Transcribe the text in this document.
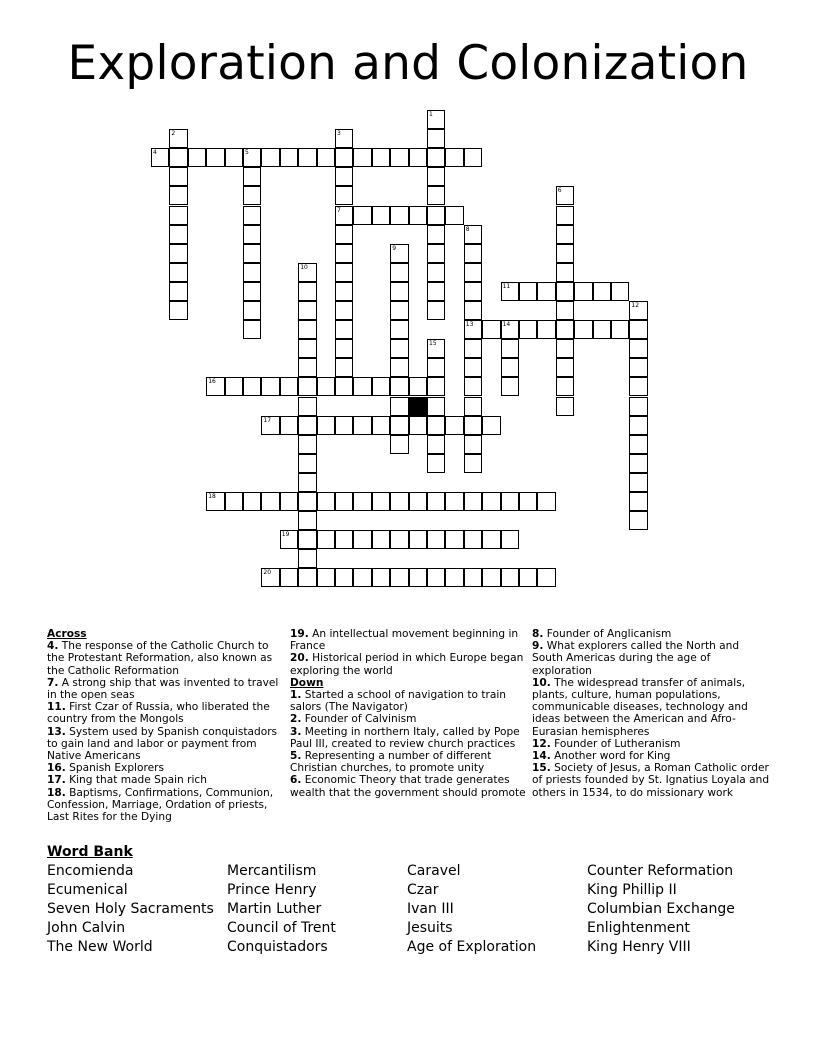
Exploration and Colonization
1
2	3
7
4	5
6
8
13
9
10
11
12
14
15
16
17
18
19
20
Across
4. The response of the Catholic Church to the Protestant Reformation, also known as the Catholic Reformation
7. A strong ship that was invented to travel in the open seas
11. First Czar of Russia, who liberated the country from the Mongols
13. System used by Spanish conquistadors to gain land and labor or payment from Native Americans
16. Spanish Explorers
17. King that made Spain rich
18. Baptisms, Confirmations, Communion, Confession, Marriage, Ordation of priests, Last Rites for the Dying
19. An intellectual movement beginning in France
20. Historical period in which Europe began exploring the world
Down
1. Started a school of navigation to train salors (The Navigator)
2. Founder of Calvinism
3. Meeting in northern Italy, called by Pope Paul III, created to review church practices
5. Representing a number of different Christian churches, to promote unity
6. Economic Theory that trade generates wealth that the government should promote
8. Founder of Anglicanism
9. What explorers called the North and South Americas during the age of exploration
10. The widespread transfer of animals, plants, culture, human populations, communicable diseases, technology and ideas between the American and Afro-Eurasian hemispheres
12. Founder of Lutheranism
14. Another word for King
15. Society of Jesus, a Roman Catholic order of priests founded by St. Ignatius Loyala and others in 1534, to do missionary work
Word Bank
Encomienda
Ecumenical
Seven Holy Sacraments
John Calvin
The New World
Mercantilism
Prince Henry
Martin Luther
Council of Trent
Conquistadors
Caravel
Czar
Ivan III
Jesuits
Age of Exploration
Counter Reformation
King Phillip II
Columbian Exchange
Enlightenment
King Henry VIII
